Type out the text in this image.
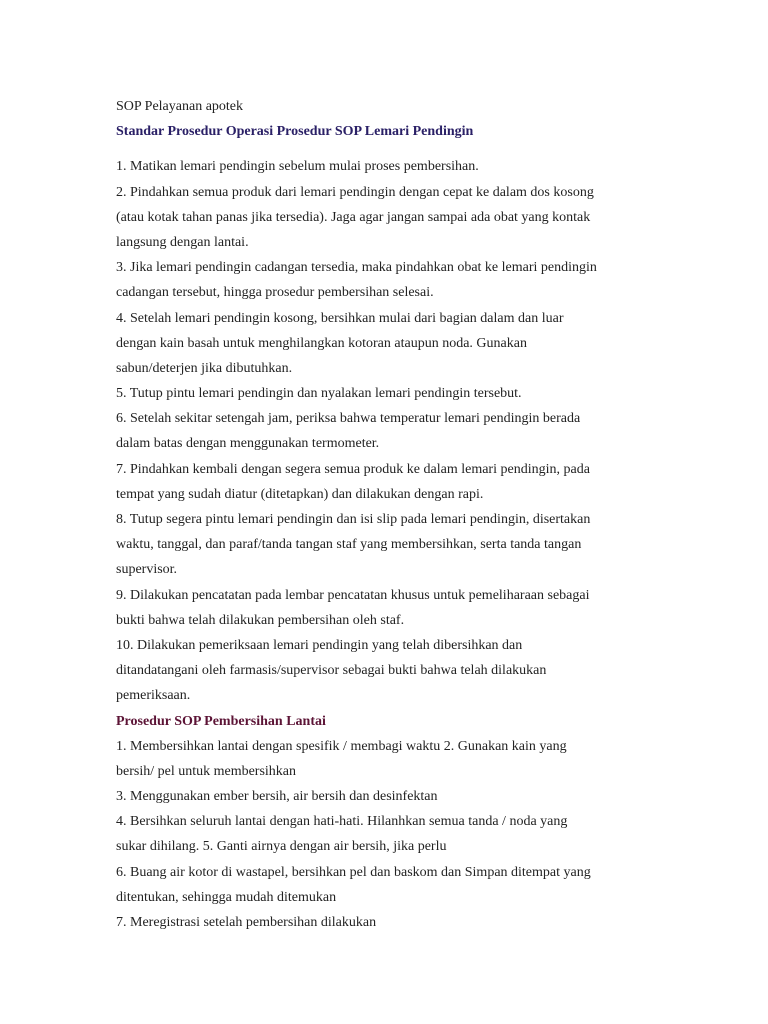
SOP Pelayanan apotek
Standar Prosedur Operasi Prosedur SOP Lemari Pendingin
1. Matikan lemari pendingin sebelum mulai proses pembersihan.
2. Pindahkan semua produk dari lemari pendingin dengan cepat ke dalam dos kosong
(atau kotak tahan panas jika tersedia). Jaga agar jangan sampai ada obat yang kontak
langsung dengan lantai.
3. Jika lemari pendingin cadangan tersedia, maka pindahkan obat ke lemari pendingin
cadangan tersebut, hingga prosedur pembersihan selesai.
4. Setelah lemari pendingin kosong, bersihkan mulai dari bagian dalam dan luar
dengan kain basah untuk menghilangkan kotoran ataupun noda. Gunakan
sabun/deterjen jika dibutuhkan.
5. Tutup pintu lemari pendingin dan nyalakan lemari pendingin tersebut.
6. Setelah sekitar setengah jam, periksa bahwa temperatur lemari pendingin berada
dalam batas dengan menggunakan termometer.
7. Pindahkan kembali dengan segera semua produk ke dalam lemari pendingin, pada
tempat yang sudah diatur (ditetapkan) dan dilakukan dengan rapi.
8. Tutup segera pintu lemari pendingin dan isi slip pada lemari pendingin, disertakan
waktu, tanggal, dan paraf/tanda tangan staf yang membersihkan, serta tanda tangan
supervisor.
9. Dilakukan pencatatan pada lembar pencatatan khusus untuk pemeliharaan sebagai
bukti bahwa telah dilakukan pembersihan oleh staf.
10. Dilakukan pemeriksaan lemari pendingin yang telah dibersihkan dan
ditandatangani oleh farmasis/supervisor sebagai bukti bahwa telah dilakukan
pemeriksaan.
Prosedur SOP Pembersihan Lantai
1. Membersihkan lantai dengan spesifik / membagi waktu 2. Gunakan kain yang
bersih/ pel untuk membersihkan
3. Menggunakan ember bersih, air bersih dan desinfektan
4. Bersihkan seluruh lantai dengan hati-hati. Hilanhkan semua tanda / noda yang
sukar dihilang. 5. Ganti airnya dengan air bersih, jika perlu
6. Buang air kotor di wastapel, bersihkan pel dan baskom dan Simpan ditempat yang
ditentukan, sehingga mudah ditemukan
7. Meregistrasi setelah pembersihan dilakukan
